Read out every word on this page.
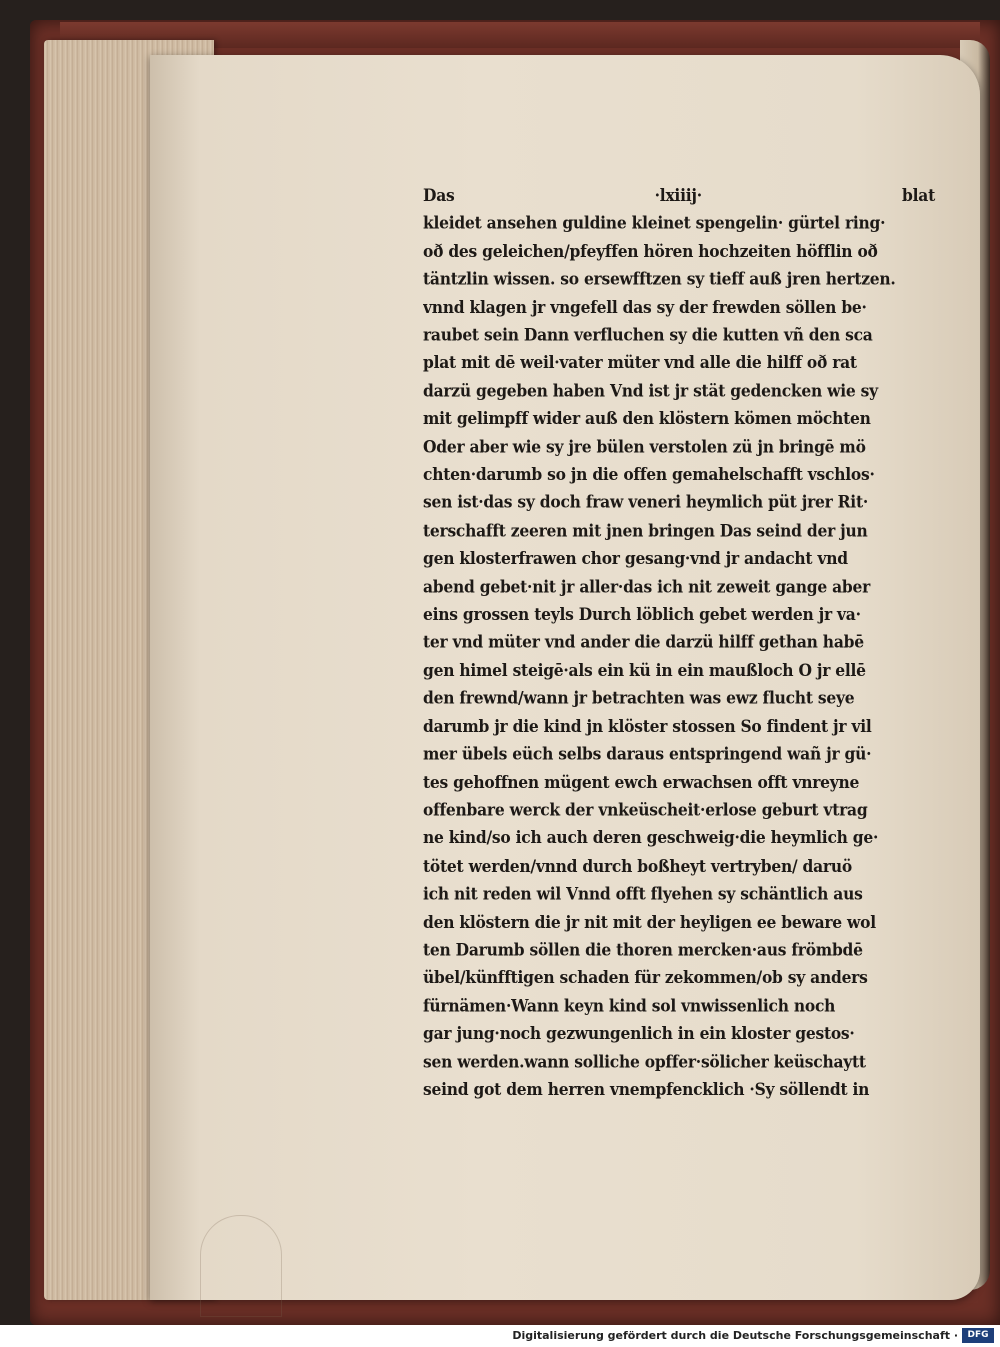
Das	·lxiiij·	blat
kleidet ansehen guldine kleinet spengelin· gürtel ring·
oð des geleichen/pfeyffen hören hochzeiten höfflin oð
täntzlin wissen. so ersewfftzen sy tieff auß jren hertzen.
vnnd klagen jr vngefell das sy der frewden söllen be·
raubet sein Dann verfluchen sy die kutten vñ den sca
plat mit dē weil·vater müter vnd alle die hilff oð rat
darzü gegeben haben Vnd ist jr stät gedencken wie sy
mit gelimpff wider auß den klöstern kömen möchten
Oder aber wie sy jre bülen verstolen zü jn bringē mö
chten·darumb so jn die offen gemahelschafft vschlos·
sen ist·das sy doch fraw veneri heymlich püt jrer Rit·
terschafft zeeren mit jnen bringen Das seind der jun
gen klosterfrawen chor gesang·vnd jr andacht vnd
abend gebet·nit jr aller·das ich nit zeweit gange aber
eins grossen teyls Durch löblich gebet werden jr va·
ter vnd müter vnd ander die darzü hilff gethan habē
gen himel steigē·als ein kü in ein maußloch O jr ellē
den frewnd/wann jr betrachten was ewz flucht seye
darumb jr die kind jn klöster stossen So findent jr vil
mer übels eüch selbs daraus entspringend wañ jr gü·
tes gehoffnen mügent ewch erwachsen offt vnreyne
offenbare werck der vnkeüscheit·erlose geburt vtrag
ne kind/so ich auch deren geschweig·die heymlich ge·
tötet werden/vnnd durch boßheyt vertryben/ daruö
ich nit reden wil Vnnd offt flyehen sy schäntlich aus
den klöstern die jr nit mit der heyligen ee beware wol
ten Darumb söllen die thoren mercken·aus frömbdē
übel/künfftigen schaden für zekommen/ob sy anders
fürnämen·Wann keyn kind sol vnwissenlich noch
gar jung·noch gezwungenlich in ein kloster gestos·
sen werden.wann solliche opffer·sölicher keüschaytt
seind got dem herren vnempfencklich ·Sy söllendt in
Digitalisierung gefördert durch die Deutsche Forschungsgemeinschaft ·	DFG
